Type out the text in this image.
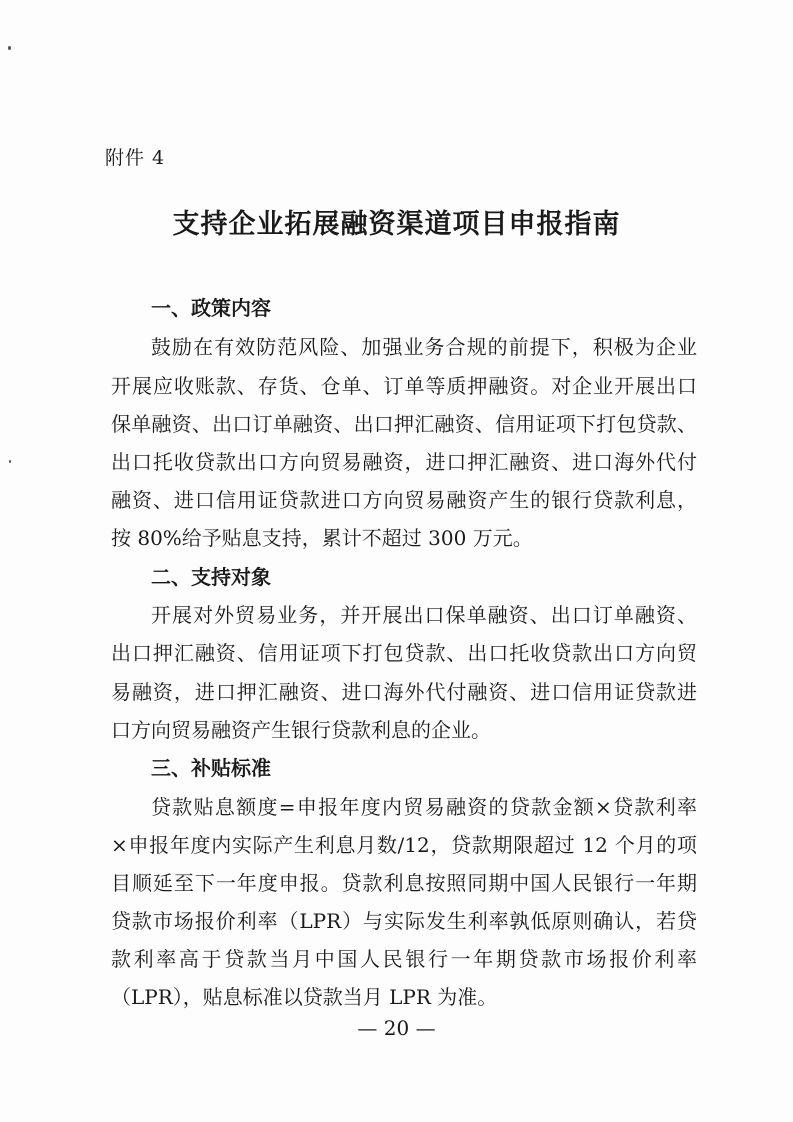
附件 4
支持企业拓展融资渠道项目申报指南
一、政策内容
鼓励在有效防范风险、加强业务合规的前提下，积极为企业
开展应收账款、存货、仓单、订单等质押融资。对企业开展出口
保单融资、出口订单融资、出口押汇融资、信用证项下打包贷款、
出口托收贷款出口方向贸易融资，进口押汇融资、进口海外代付
融资、进口信用证贷款进口方向贸易融资产生的银行贷款利息，
按 80%给予贴息支持，累计不超过 300 万元。
二、支持对象
开展对外贸易业务，并开展出口保单融资、出口订单融资、
出口押汇融资、信用证项下打包贷款、出口托收贷款出口方向贸
易融资，进口押汇融资、进口海外代付融资、进口信用证贷款进
口方向贸易融资产生银行贷款利息的企业。
三、补贴标准
贷款贴息额度=申报年度内贸易融资的贷款金额×贷款利率
×申报年度内实际产生利息月数/12，贷款期限超过 12 个月的项
目顺延至下一年度申报。贷款利息按照同期中国人民银行一年期
贷款市场报价利率（LPR）与实际发生利率孰低原则确认，若贷
款利率高于贷款当月中国人民银行一年期贷款市场报价利率
（LPR），贴息标准以贷款当月 LPR 为准。
— 20 —
